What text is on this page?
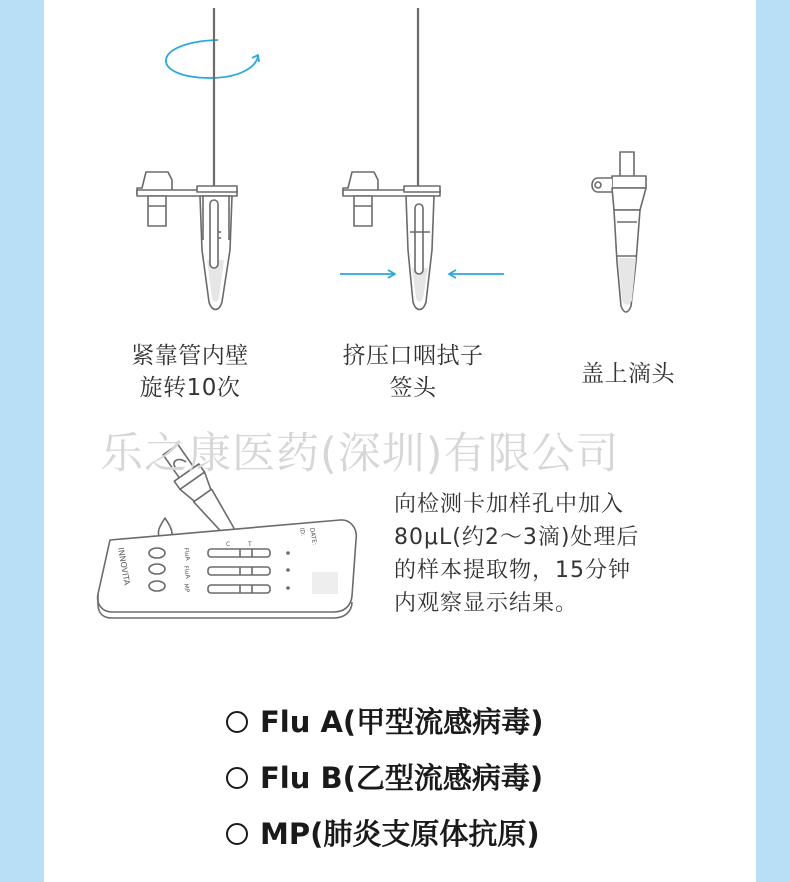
INNOVITA	FluA
FluA
MP
ID: DATE:
C	T
紧靠管内壁
旋转10次
挤压口咽拭子
签头
盖上滴头
乐之康医药(深圳)有限公司
向检测卡加样孔中加入
80μL(约2～3滴)处理后
的样本提取物，15分钟
内观察显示结果。
Flu A(甲型流感病毒)
Flu B(乙型流感病毒)
MP(肺炎支原体抗原)
